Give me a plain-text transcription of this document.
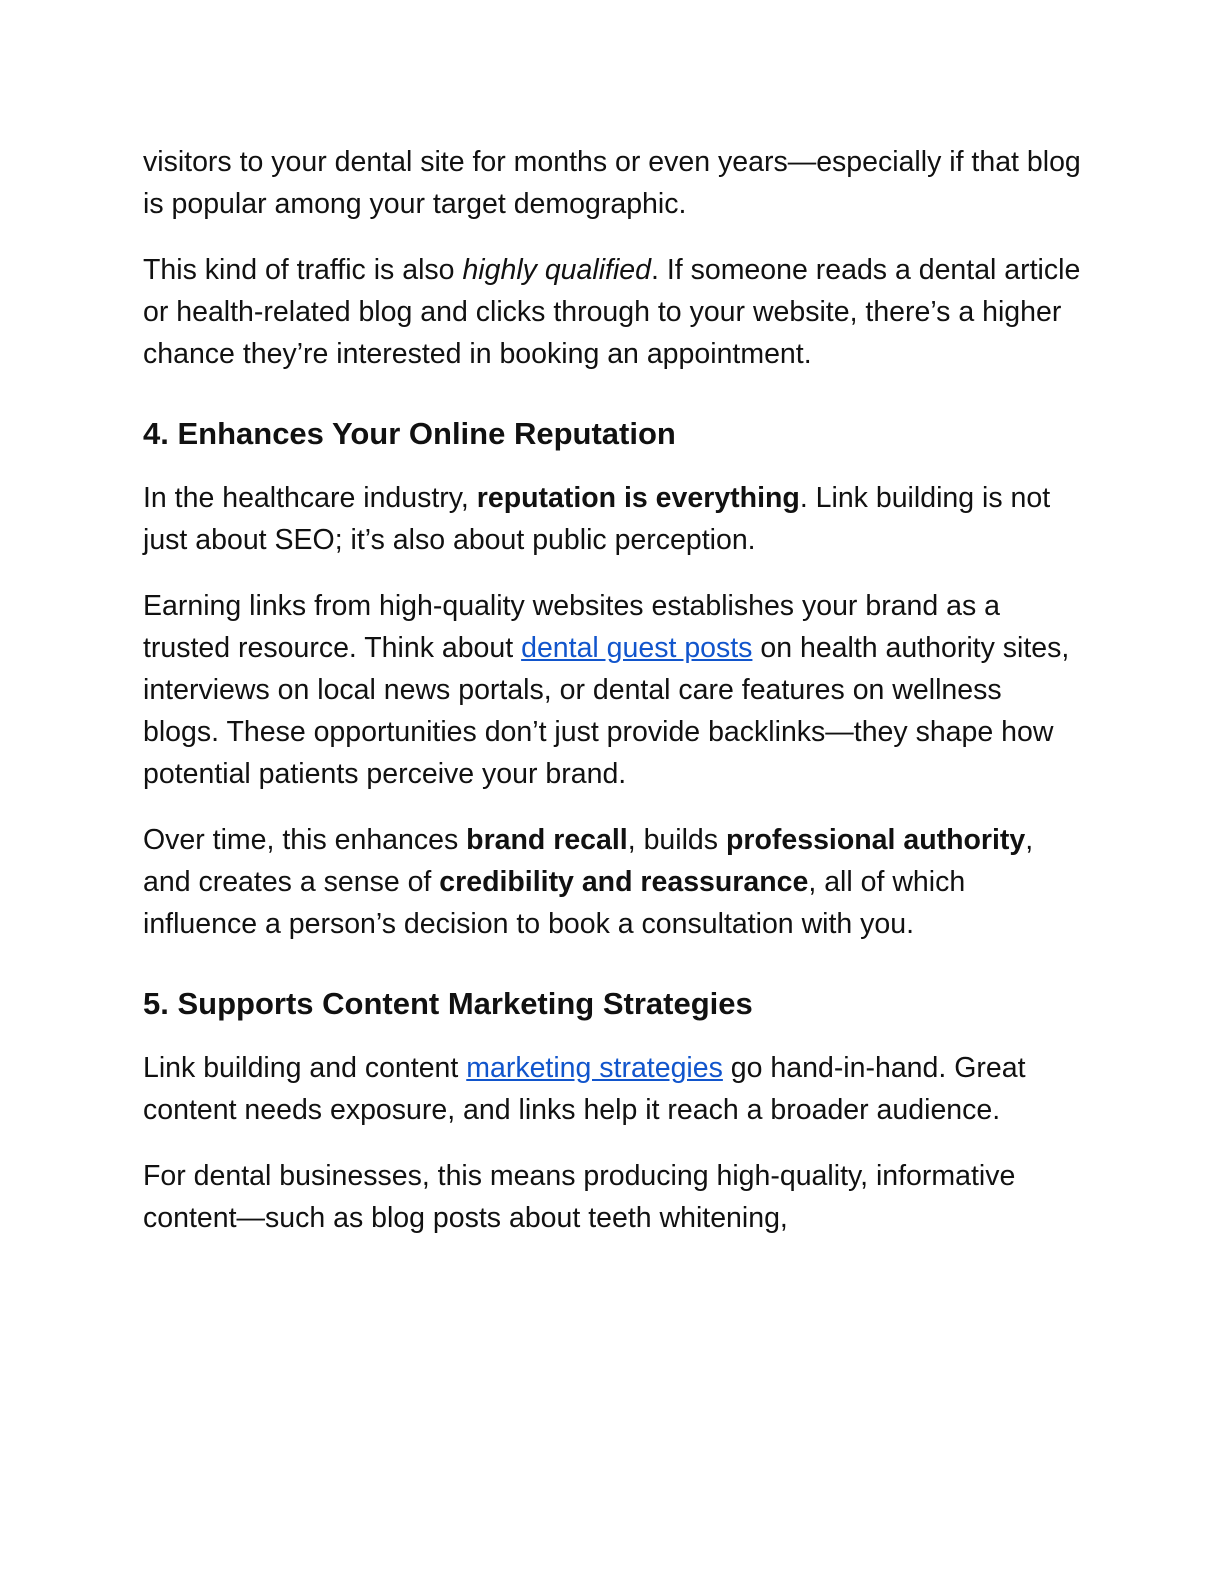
visitors to your dental site for months or even years—especially if that blog is popular among your target demographic.

This kind of traffic is also highly qualified. If someone reads a dental article or health-related blog and clicks through to your website, there’s a higher chance they’re interested in booking an appointment.

4. Enhances Your Online Reputation

In the healthcare industry, reputation is everything. Link building is not just about SEO; it’s also about public perception.

Earning links from high-quality websites establishes your brand as a trusted resource. Think about dental guest posts on health authority sites, interviews on local news portals, or dental care features on wellness blogs. These opportunities don’t just provide backlinks—they shape how potential patients perceive your brand.

Over time, this enhances brand recall, builds professional authority, and creates a sense of credibility and reassurance, all of which influence a person’s decision to book a consultation with you.

5. Supports Content Marketing Strategies

Link building and content marketing strategies go hand-in-hand. Great content needs exposure, and links help it reach a broader audience.

For dental businesses, this means producing high-quality, informative content—such as blog posts about teeth whitening,
